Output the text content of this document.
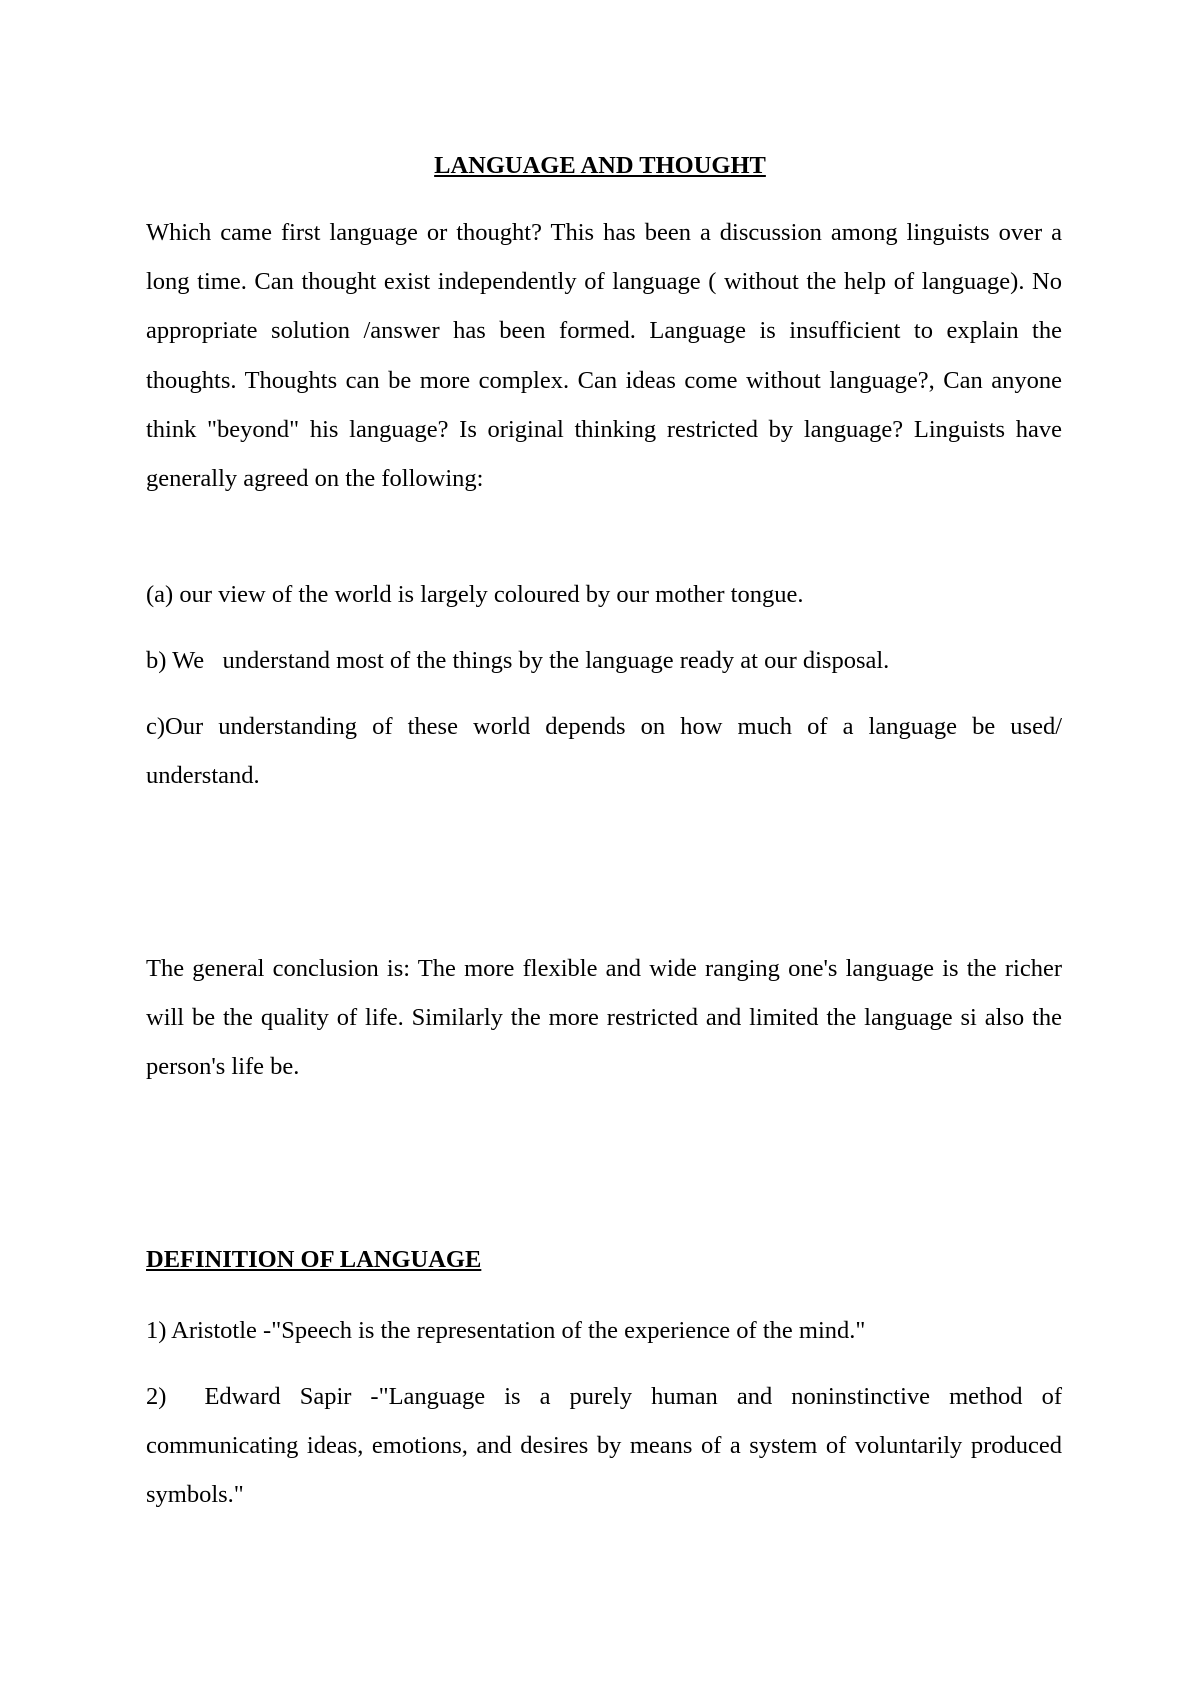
LANGUAGE AND THOUGHT

Which came first language or thought? This has been a discussion among linguists over a long time. Can thought exist independently of language ( without the help of language). No appropriate solution /answer has been formed. Language is insufficient to explain the thoughts. Thoughts can be more complex. Can ideas come without language?, Can anyone think "beyond" his language? Is original thinking restricted by language? Linguists have generally agreed on the following:

(a) our view of the world is largely coloured by our mother tongue.

b) We   understand most of the things by the language ready at our disposal.

c)Our understanding of these world depends on how much of a language be used/ understand.

The general conclusion is: The more flexible and wide ranging one's language is the richer will be the quality of life. Similarly the more restricted and limited the language si also the person's life be.

DEFINITION OF LANGUAGE

1) Aristotle -"Speech is the representation of the experience of the mind."

2)  Edward Sapir -"Language is a purely human and noninstinctive method of communicating ideas, emotions, and desires by means of a system of voluntarily produced symbols."
